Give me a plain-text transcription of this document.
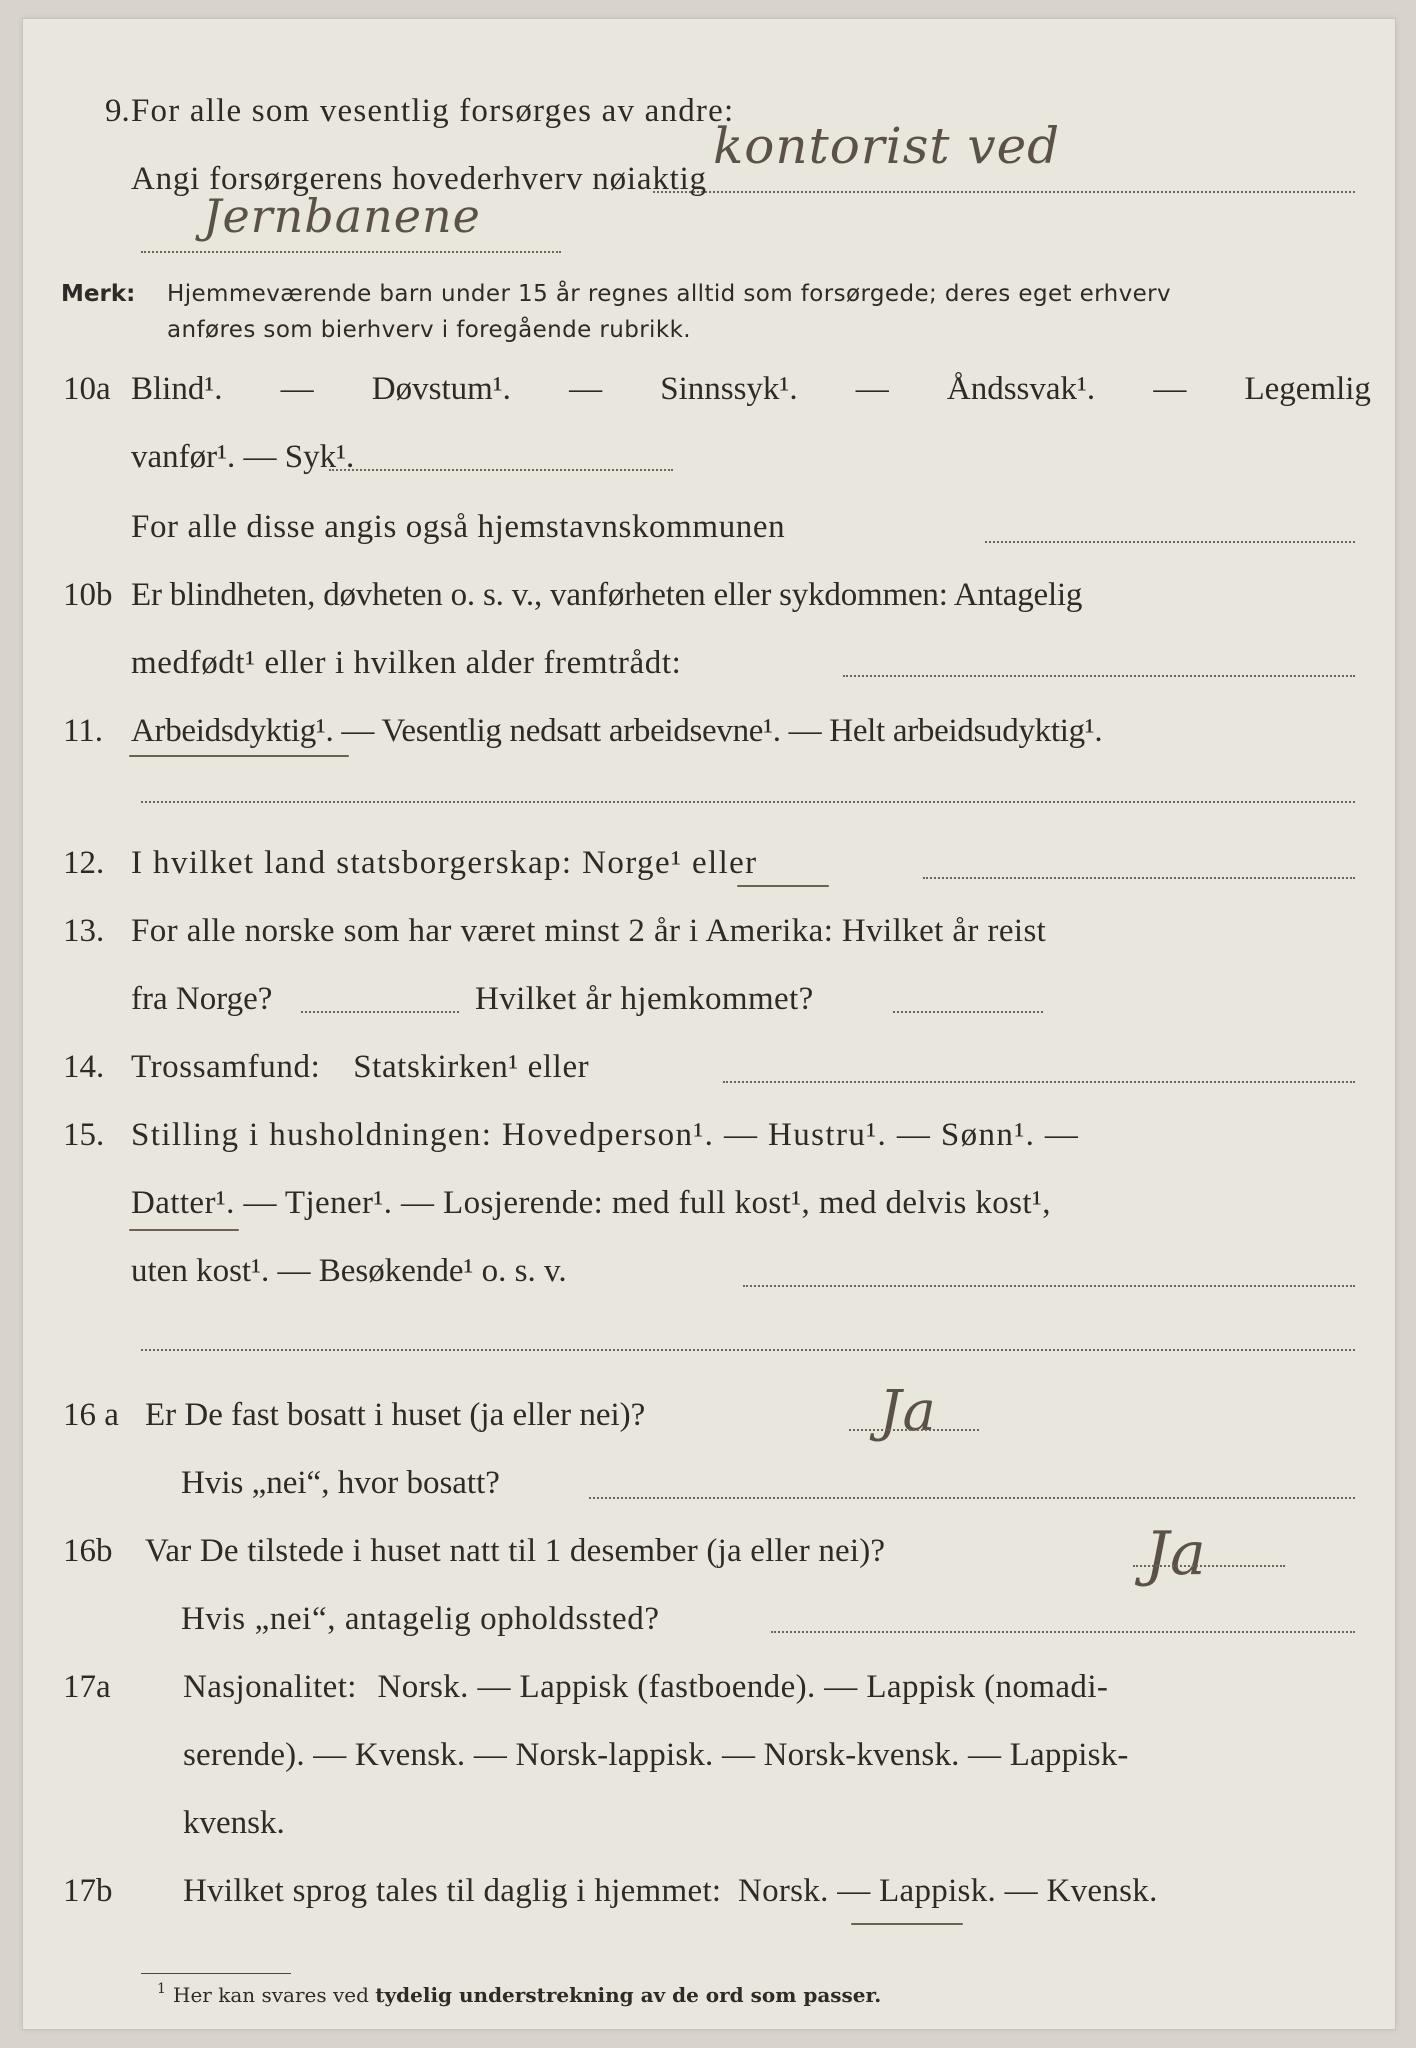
9. For alle som vesentlig forsørges av andre:
kontorist ved
Angi forsørgerens hovederhverv nøiaktig
Jernbanene
Merk: Hjemmeværende barn under 15 år regnes alltid som forsørgede; deres eget erhverv
anføres som bierhverv i foregående rubrikk.
10a Blind¹. — Døvstum¹. — Sinnssyk¹. — Åndssvak¹. — Legemlig
vanfør¹. — Syk¹.
For alle disse angis også hjemstavnskommunen
10b Er blindheten, døvheten o. s. v., vanførheten eller sykdommen: Antagelig
medfødt¹ eller i hvilken alder fremtrådt:
11. Arbeidsdyktig¹. — Vesentlig nedsatt arbeidsevne¹. — Helt arbeidsudyktig¹.
12. I hvilket land statsborgerskap: Norge¹ eller
13. For alle norske som har været minst 2 år i Amerika: Hvilket år reist
fra Norge?	Hvilket år hjemkommet?
14. Trossamfund: Statskirken¹ eller
15. Stilling i husholdningen: Hovedperson¹. — Hustru¹. — Sønn¹. —
Datter¹. — Tjener¹. — Losjerende: med full kost¹, med delvis kost¹,
uten kost¹. — Besøkende¹ o. s. v.
16 a Er De fast bosatt i huset (ja eller nei)?	Ja
Hvis „nei“, hvor bosatt?
16b Var De tilstede i huset natt til 1 desember (ja eller nei)?	Ja
Hvis „nei“, antagelig opholdssted?
17a Nasjonalitet: Norsk. — Lappisk (fastboende). — Lappisk (nomadi-
serende). — Kvensk. — Norsk-lappisk. — Norsk-kvensk. — Lappisk-
kvensk.
17b Hvilket sprog tales til daglig i hjemmet: Norsk. — Lappisk. — Kvensk.
1 Her kan svares ved tydelig understrekning av de ord som passer.
